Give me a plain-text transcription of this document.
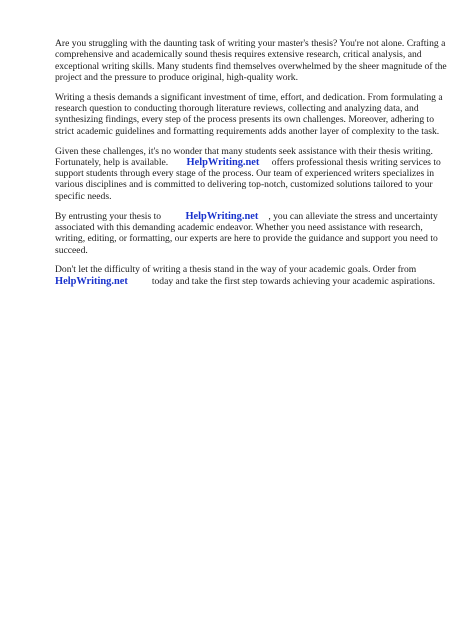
Are you struggling with the daunting task of writing your master's thesis? You're not alone. Crafting a comprehensive and academically sound thesis requires extensive research, critical analysis, and exceptional writing skills. Many students find themselves overwhelmed by the sheer magnitude of the project and the pressure to produce original, high-quality work.

Writing a thesis demands a significant investment of time, effort, and dedication. From formulating a research question to conducting thorough literature reviews, collecting and analyzing data, and synthesizing findings, every step of the process presents its own challenges. Moreover, adhering to strict academic guidelines and formatting requirements adds another layer of complexity to the task.

Given these challenges, it's no wonder that many students seek assistance with their thesis writing. Fortunately, help is available. HelpWriting.net offers professional thesis writing services to support students through every stage of the process. Our team of experienced writers specializes in various disciplines and is committed to delivering top-notch, customized solutions tailored to your specific needs.

By entrusting your thesis to HelpWriting.net , you can alleviate the stress and uncertainty associated with this demanding academic endeavor. Whether you need assistance with research, writing, editing, or formatting, our experts are here to provide the guidance and support you need to succeed.

Don't let the difficulty of writing a thesis stand in the way of your academic goals. Order from HelpWriting.net	today and take the first step towards achieving your academic aspirations.
